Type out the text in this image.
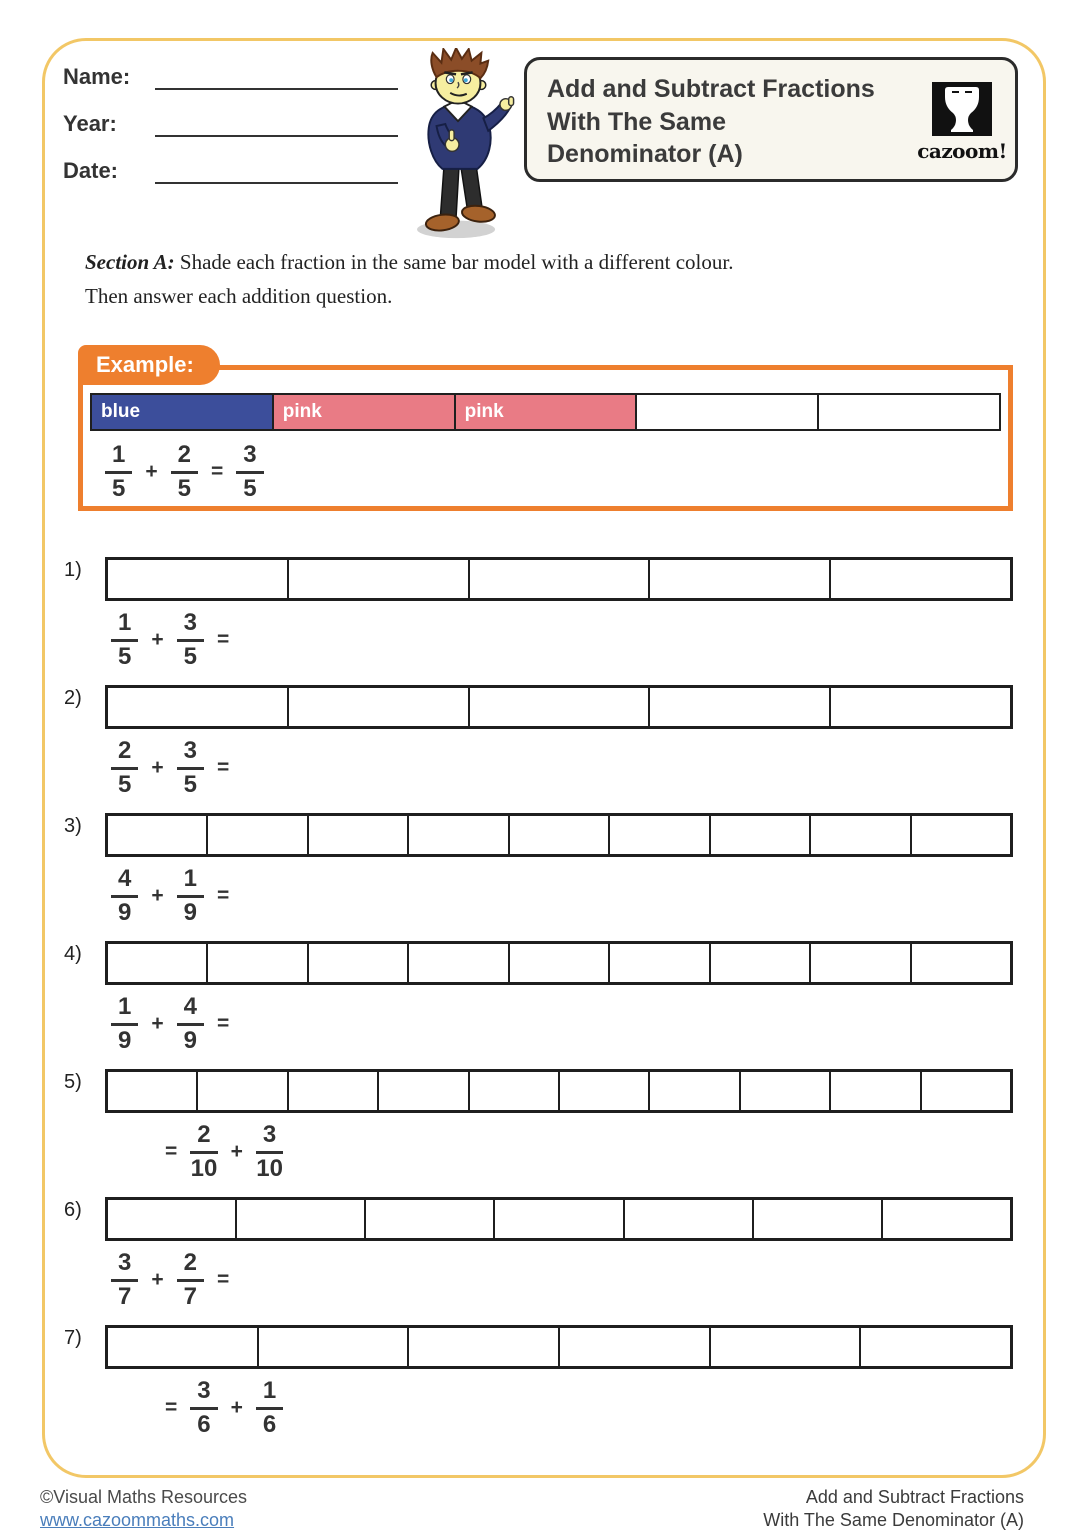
Name:
Year:
Date:
Add and Subtract Fractions With The Same Denominator (A)	cazoom!

Section A: Shade each fraction in the same bar model with a different colour.

Then answer each addition question.

Example:
blue	pink	pink
$\frac{1}{5} + \frac{2}{5} = \frac{3}{5}$
1)
$\frac{1}{5} + \frac{3}{5}$ =
2)
$\frac{2}{5} + \frac{3}{5}$ =
3)
$\frac{4}{9} + \frac{1}{9}$ =
4)
$\frac{1}{9} + \frac{4}{9}$ =
5)
= $\frac{2}{10} + \frac{3}{10}$
6)
$\frac{3}{7} + \frac{2}{7}$ =
7)
= $\frac{3}{6} + \frac{1}{6}$
©Visual Maths Resources
www.cazoommaths.com
Add and Subtract Fractions
With The Same Denominator (A)
